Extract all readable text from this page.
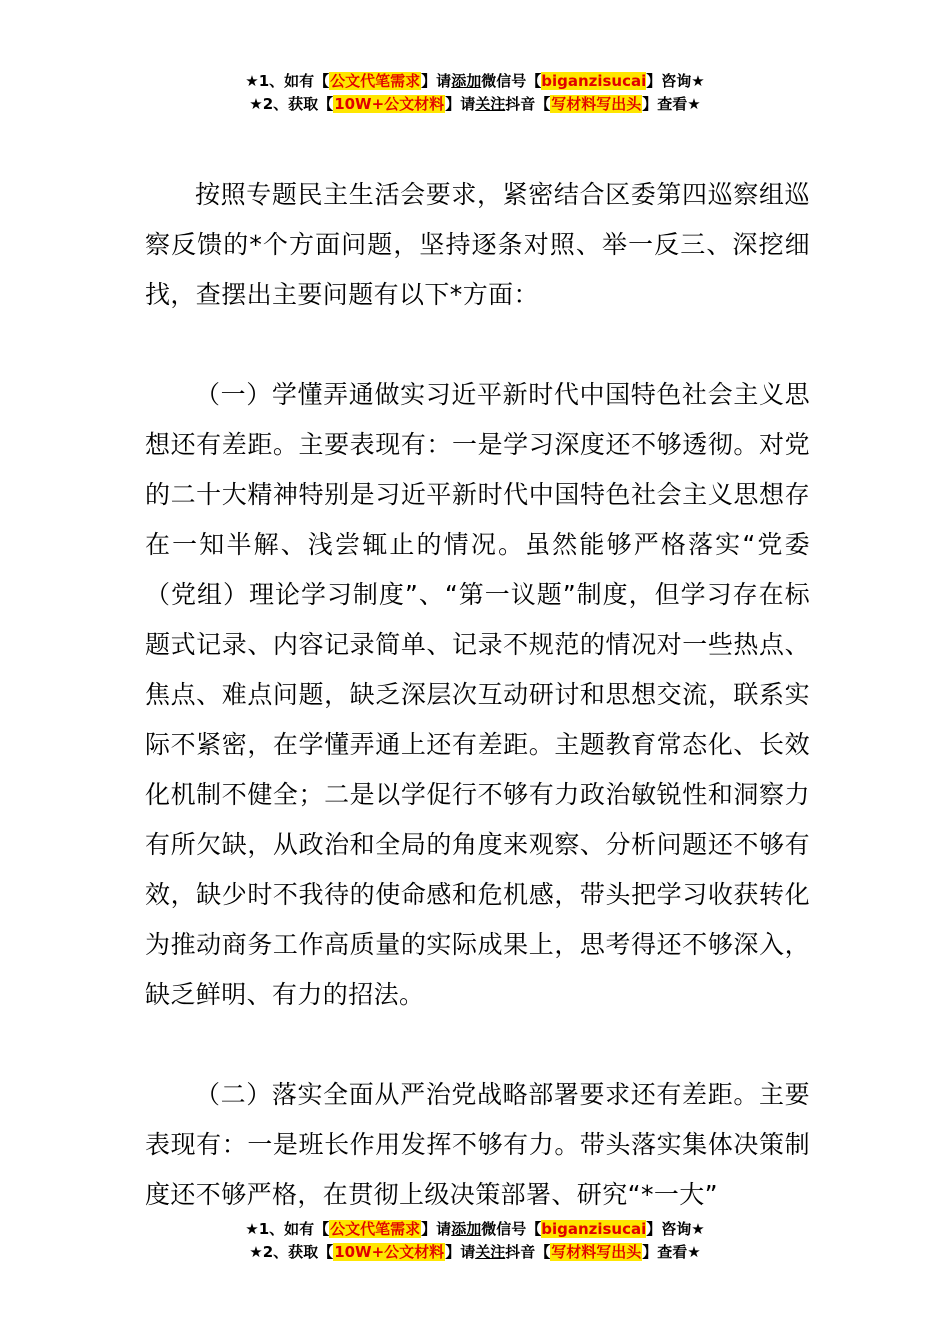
★1、如有【公文代笔需求】请添加微信号【biganzisucai】咨询★
★2、获取【10W+公文材料】请关注抖音【写材料写出头】查看★

按照专题民主生活会要求，紧密结合区委第四巡察组巡察反馈的*个方面问题，坚持逐条对照、举一反三、深挖细找，查摆出主要问题有以下*方面：

（一）学懂弄通做实习近平新时代中国特色社会主义思想还有差距。主要表现有：一是学习深度还不够透彻。对党的二十大精神特别是习近平新时代中国特色社会主义思想存在一知半解、浅尝辄止的情况。虽然能够严格落实“党委（党组）理论学习制度”、“第一议题”制度，但学习存在标题式记录、内容记录简单、记录不规范的情况对一些热点、焦点、难点问题，缺乏深层次互动研讨和思想交流，联系实际不紧密，在学懂弄通上还有差距。主题教育常态化、长效化机制不健全；二是以学促行不够有力政治敏锐性和洞察力有所欠缺，从政治和全局的角度来观察、分析问题还不够有效，缺少时不我待的使命感和危机感，带头把学习收获转化为推动商务工作高质量的实际成果上，思考得还不够深入，缺乏鲜明、有力的招法。

（二）落实全面从严治党战略部署要求还有差距。主要表现有：一是班长作用发挥不够有力。带头落实集体决策制度还不够严格，在贯彻上级决策部署、研究“*一大”

★1、如有【公文代笔需求】请添加微信号【biganzisucai】咨询★
★2、获取【10W+公文材料】请关注抖音【写材料写出头】查看★
